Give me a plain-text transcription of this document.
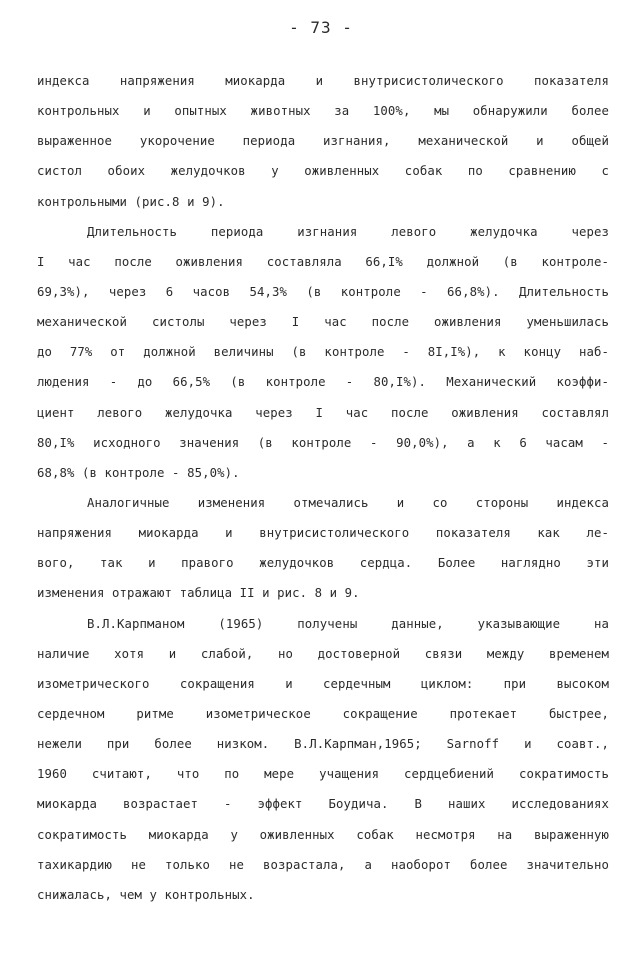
- 73 -
индекса напряжения миокарда и внутрисистолического показателя
контрольных и опытных животных за 100%, мы обнаружили более
выраженное укорочение периода изгнания, механической и общей
систол обоих желудочков у оживленных собак по сравнению с
контрольными (рис.8 и 9).
Длительность периода изгнания левого желудочка через
I час после оживления составляла 66,I% должной (в контроле-
69,3%), через 6 часов 54,3% (в контроле - 66,8%). Длительность
механической систолы через I час после оживления уменьшилась
до 77% от должной величины (в контроле - 8I,I%), к концу наб-
людения - до 66,5% (в контроле - 80,I%). Механический коэффи-
циент левого желудочка через I час после оживления составлял
80,I% исходного значения (в контроле - 90,0%), а к 6 часам -
68,8% (в контроле - 85,0%).
Аналогичные изменения отмечались и со стороны индекса
напряжения миокарда и внутрисистолического показателя как ле-
вого, так и правого желудочков сердца. Более наглядно эти
изменения отражают таблица II и рис. 8 и 9.
В.Л.Карпманом (1965) получены данные, указывающие на
наличие хотя и слабой, но достоверной связи между временем
изометрического сокращения и сердечным циклом: при высоком
сердечном ритме изометрическое сокращение протекает быстрее,
нежели при более низком. В.Л.Карпман,1965; Sarnoff и соавт.,
1960 считают, что по мере учащения сердцебиений сократимость
миокарда возрастает - эффект Боудича. В наших исследованиях
сократимость миокарда у оживленных собак несмотря на выраженную
тахикардию не только не возрастала, а наоборот более значительно
снижалась, чем у контрольных.
